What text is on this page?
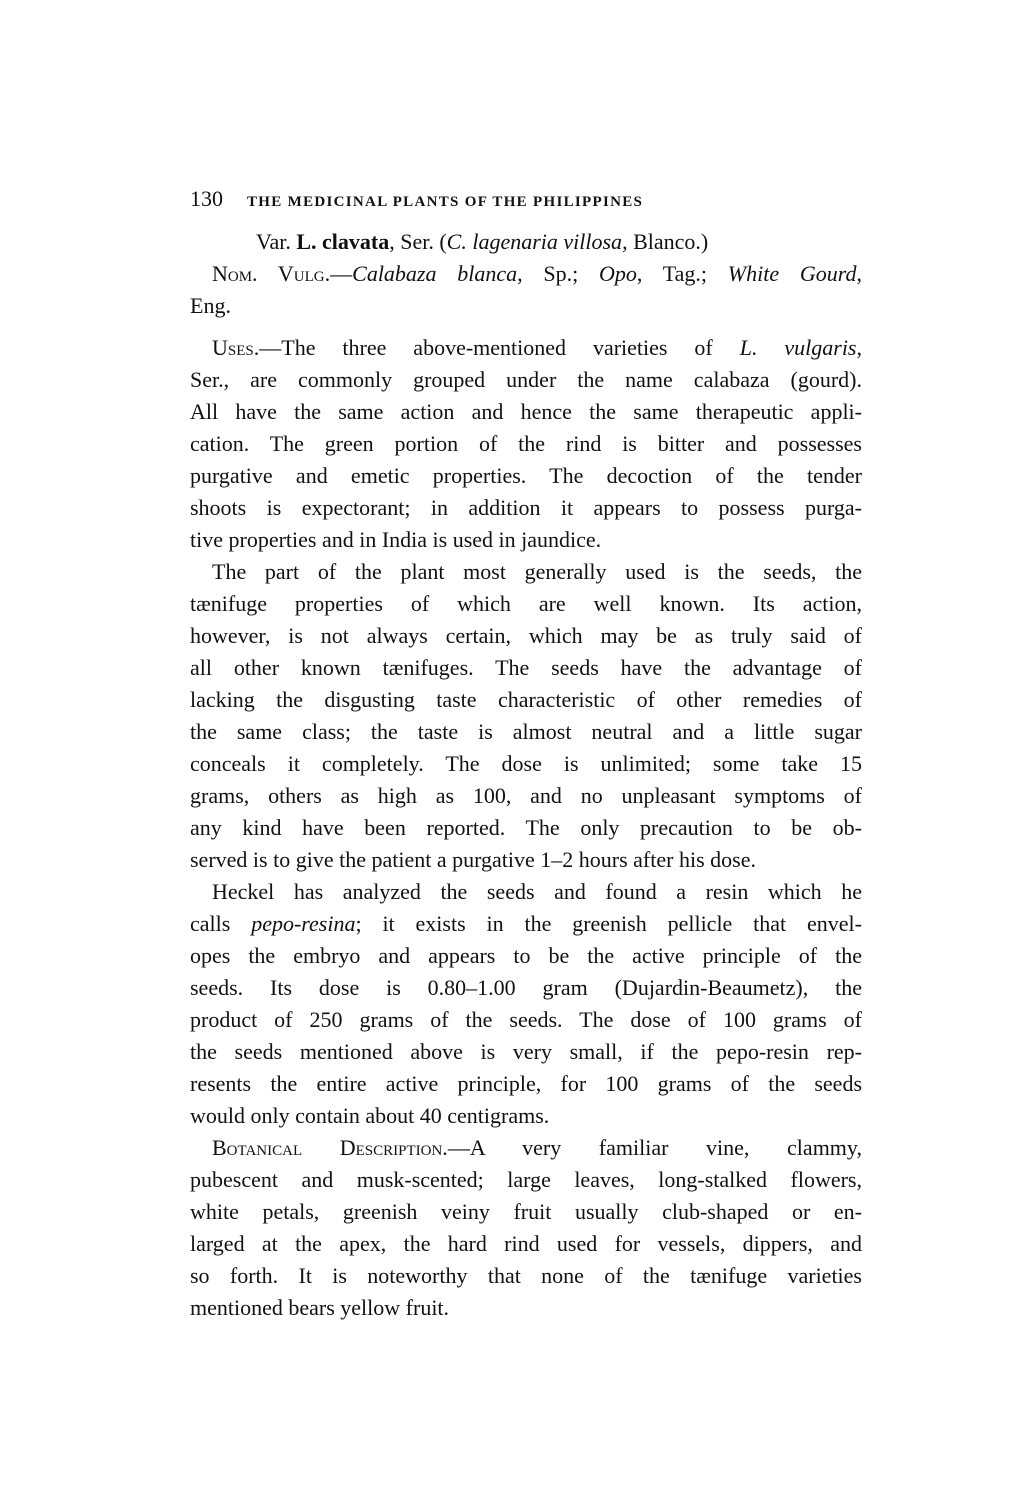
130 THE MEDICINAL PLANTS OF THE PHILIPPINES
Var. L. clavata, Ser. (C. lagenaria villosa, Blanco.)
Nom. Vulg.—Calabaza blanca, Sp.; Opo, Tag.; White Gourd,
Eng.
Uses.—The three above-mentioned varieties of L. vulgaris,
Ser., are commonly grouped under the name calabaza (gourd).
All have the same action and hence the same therapeutic appli-
cation. The green portion of the rind is bitter and possesses
purgative and emetic properties. The decoction of the tender
shoots is expectorant; in addition it appears to possess purga-
tive properties and in India is used in jaundice.
The part of the plant most generally used is the seeds, the
tænifuge properties of which are well known. Its action,
however, is not always certain, which may be as truly said of
all other known tænifuges. The seeds have the advantage of
lacking the disgusting taste characteristic of other remedies of
the same class; the taste is almost neutral and a little sugar
conceals it completely. The dose is unlimited; some take 15
grams, others as high as 100, and no unpleasant symptoms of
any kind have been reported. The only precaution to be ob-
served is to give the patient a purgative 1–2 hours after his dose.
Heckel has analyzed the seeds and found a resin which he
calls pepo-resina; it exists in the greenish pellicle that envel-
opes the embryo and appears to be the active principle of the
seeds. Its dose is 0.80–1.00 gram (Dujardin-Beaumetz), the
product of 250 grams of the seeds. The dose of 100 grams of
the seeds mentioned above is very small, if the pepo-resin rep-
resents the entire active principle, for 100 grams of the seeds
would only contain about 40 centigrams.
Botanical Description.—A very familiar vine, clammy,
pubescent and musk-scented; large leaves, long-stalked flowers,
white petals, greenish veiny fruit usually club-shaped or en-
larged at the apex, the hard rind used for vessels, dippers, and
so forth. It is noteworthy that none of the tænifuge varieties
mentioned bears yellow fruit.
